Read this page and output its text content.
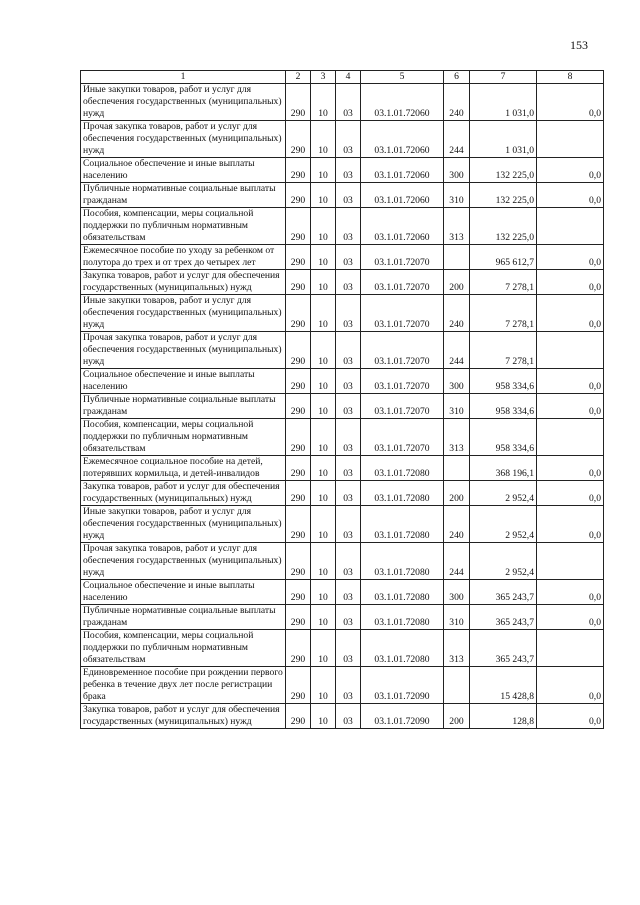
153
1	2	3	4	5	6	7	8
Иные закупки товаров, работ и услуг для обеспечения государственных (муниципальных) нужд	290	10	03	03.1.01.72060	240	1 031,0	0,0
Прочая закупка товаров, работ и услуг для обеспечения государственных (муниципальных) нужд	290	10	03	03.1.01.72060	244	1 031,0	
Социальное обеспечение и иные выплаты населению	290	10	03	03.1.01.72060	300	132 225,0	0,0
Публичные нормативные социальные выплаты гражданам	290	10	03	03.1.01.72060	310	132 225,0	0,0
Пособия, компенсации, меры социальной поддержки по публичным нормативным обязательствам	290	10	03	03.1.01.72060	313	132 225,0	
Ежемесячное пособие по уходу за ребенком от полутора до трех и от трех до четырех лет	290	10	03	03.1.01.72070		965 612,7	0,0
Закупка товаров, работ и услуг для обеспечения государственных (муниципальных) нужд	290	10	03	03.1.01.72070	200	7 278,1	0,0
Иные закупки товаров, работ и услуг для обеспечения государственных (муниципальных) нужд	290	10	03	03.1.01.72070	240	7 278,1	0,0
Прочая закупка товаров, работ и услуг для обеспечения государственных (муниципальных) нужд	290	10	03	03.1.01.72070	244	7 278,1	
Социальное обеспечение и иные выплаты населению	290	10	03	03.1.01.72070	300	958 334,6	0,0
Публичные нормативные социальные выплаты гражданам	290	10	03	03.1.01.72070	310	958 334,6	0,0
Пособия, компенсации, меры социальной поддержки по публичным нормативным обязательствам	290	10	03	03.1.01.72070	313	958 334,6	
Ежемесячное социальное пособие на детей, потерявших кормильца, и детей-инвалидов	290	10	03	03.1.01.72080		368 196,1	0,0
Закупка товаров, работ и услуг для обеспечения государственных (муниципальных) нужд	290	10	03	03.1.01.72080	200	2 952,4	0,0
Иные закупки товаров, работ и услуг для обеспечения государственных (муниципальных) нужд	290	10	03	03.1.01.72080	240	2 952,4	0,0
Прочая закупка товаров, работ и услуг для обеспечения государственных (муниципальных) нужд	290	10	03	03.1.01.72080	244	2 952,4	
Социальное обеспечение и иные выплаты населению	290	10	03	03.1.01.72080	300	365 243,7	0,0
Публичные нормативные социальные выплаты гражданам	290	10	03	03.1.01.72080	310	365 243,7	0,0
Пособия, компенсации, меры социальной поддержки по публичным нормативным обязательствам	290	10	03	03.1.01.72080	313	365 243,7	
Единовременное пособие при рождении первого ребенка в течение двух лет после регистрации брака	290	10	03	03.1.01.72090		15 428,8	0,0
Закупка товаров, работ и услуг для обеспечения государственных (муниципальных) нужд	290	10	03	03.1.01.72090	200	128,8	0,0
